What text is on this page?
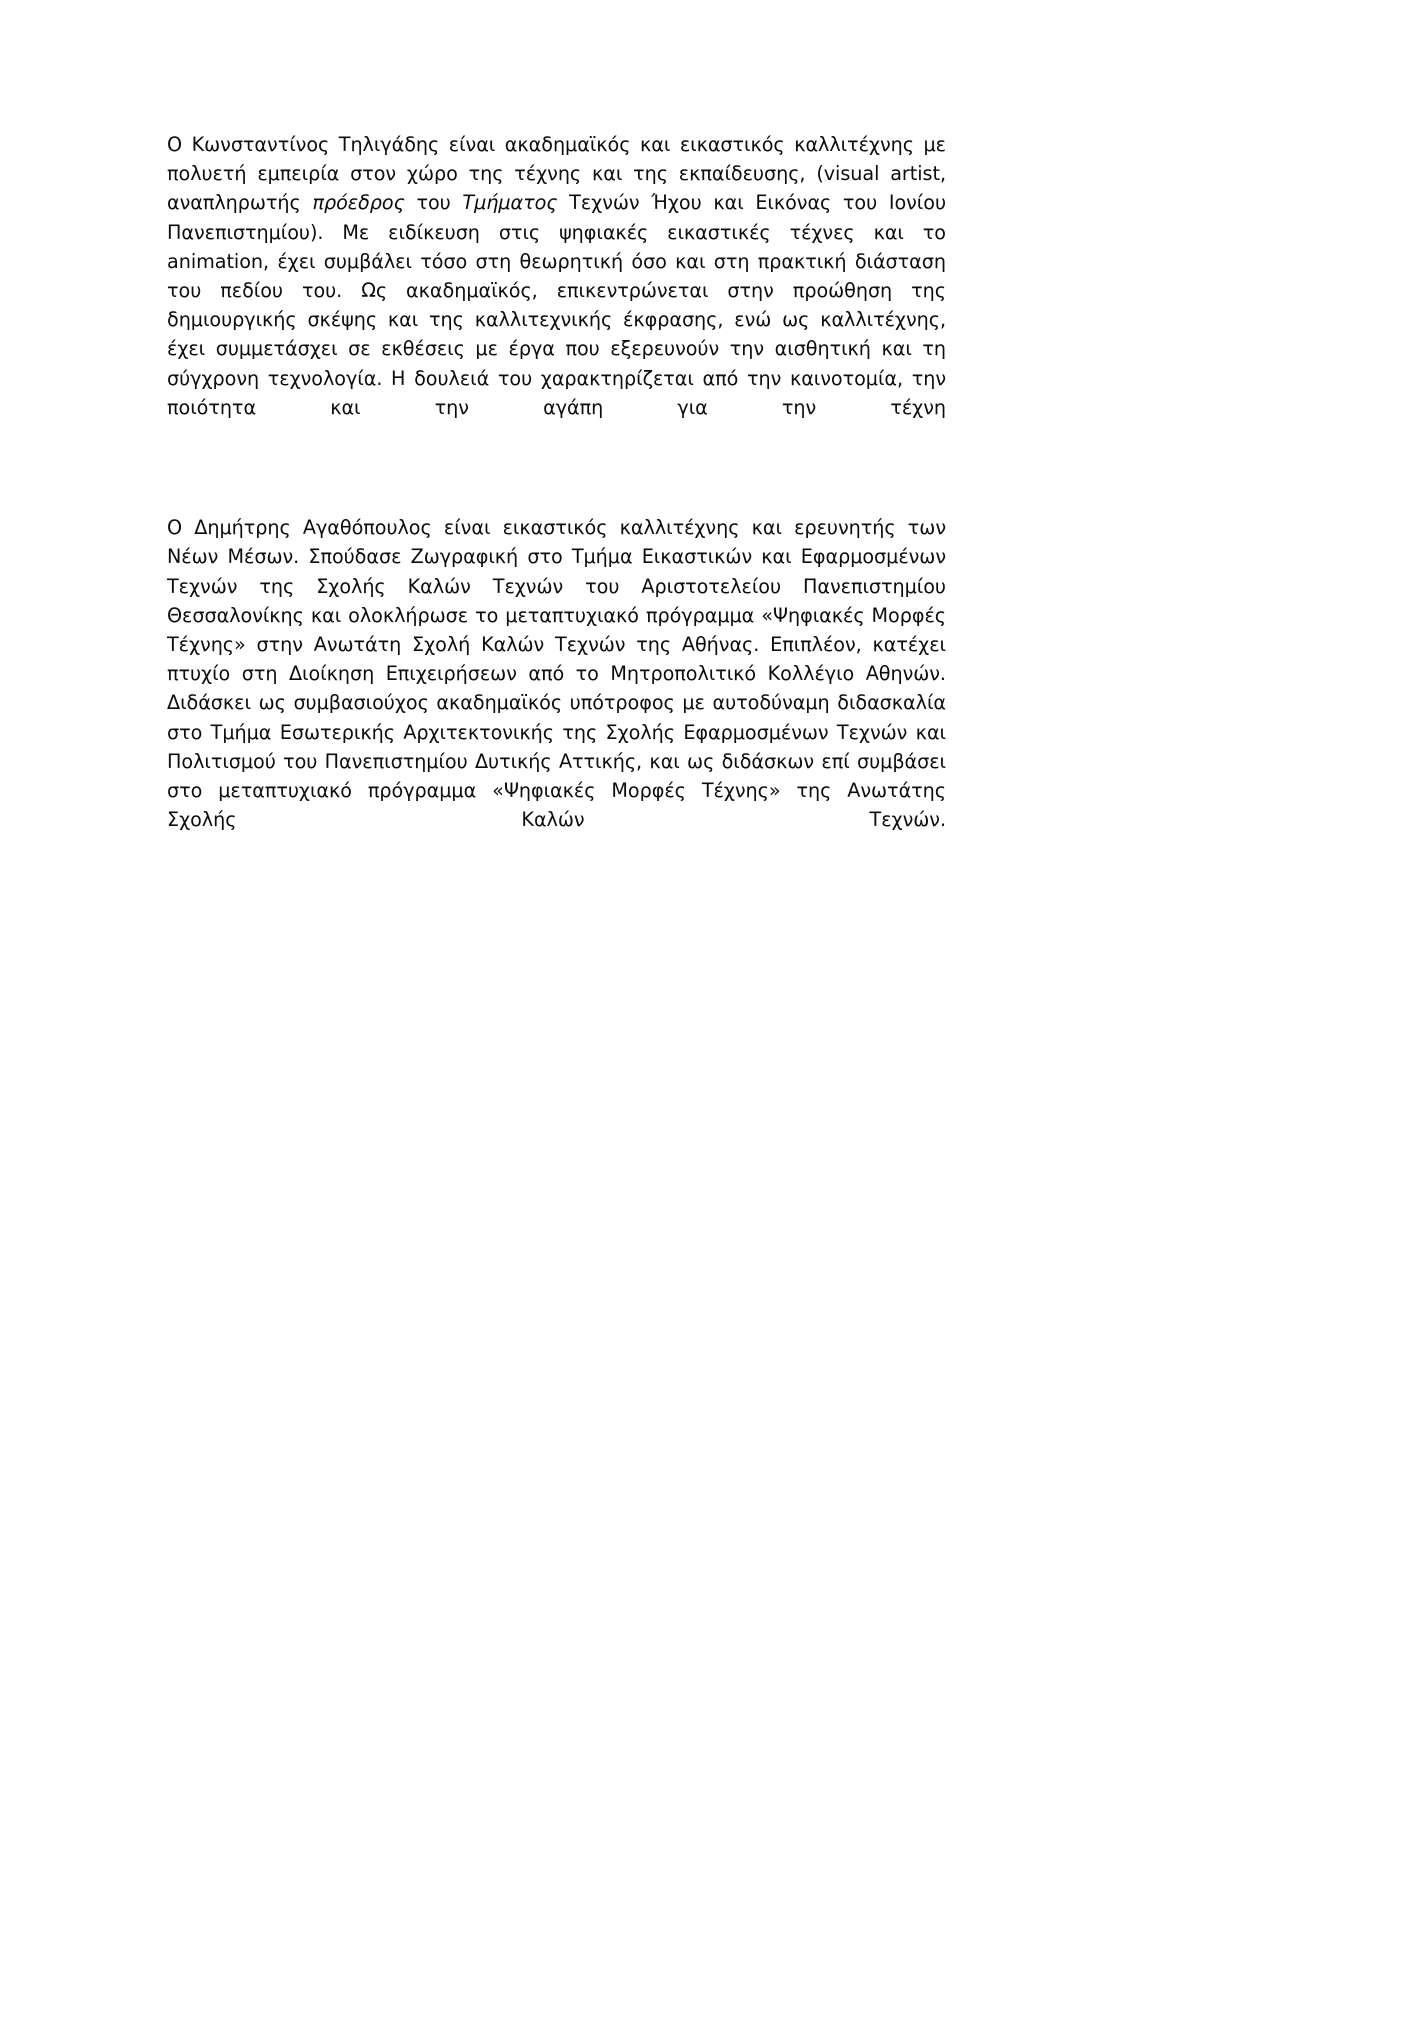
Ο Κωνσταντίνος Τηλιγάδης είναι ακαδημαϊκός και εικαστικός καλλιτέχνης με πολυετή εμπειρία στον χώρο της τέχνης και της εκπαίδευσης, (visual artist, αναπληρωτής πρόεδρος του Τμήματος Τεχνών Ήχου και Εικόνας του Ιονίου Πανεπιστημίου). Με ειδίκευση στις ψηφιακές εικαστικές τέχνες και το animation, έχει συμβάλει τόσο στη θεωρητική όσο και στη πρακτική διάσταση του πεδίου του. Ως ακαδημαϊκός, επικεντρώνεται στην προώθηση της δημιουργικής σκέψης και της καλλιτεχνικής έκφρασης, ενώ ως καλλιτέχνης, έχει συμμετάσχει σε εκθέσεις με έργα που εξερευνούν την αισθητική και τη σύγχρονη τεχνολογία. Η δουλειά του χαρακτηρίζεται από την καινοτομία, την ποιότητα και την αγάπη για την τέχνη

Ο Δημήτρης Αγαθόπουλος είναι εικαστικός καλλιτέχνης και ερευνητής των Νέων Μέσων. Σπούδασε Ζωγραφική στο Τμήμα Εικαστικών και Εφαρμοσμένων Τεχνών της Σχολής Καλών Τεχνών του Αριστοτελείου Πανεπιστημίου Θεσσαλονίκης και ολοκλήρωσε το μεταπτυχιακό πρόγραμμα «Ψηφιακές Μορφές Τέχνης» στην Ανωτάτη Σχολή Καλών Τεχνών της Αθήνας. Επιπλέον, κατέχει πτυχίο στη Διοίκηση Επιχειρήσεων από το Μητροπολιτικό Κολλέγιο Αθηνών. Διδάσκει ως συμβασιούχος ακαδημαϊκός υπότροφος με αυτοδύναμη διδασκαλία στο Τμήμα Εσωτερικής Αρχιτεκτονικής της Σχολής Εφαρμοσμένων Τεχνών και Πολιτισμού του Πανεπιστημίου Δυτικής Αττικής, και ως διδάσκων επί συμβάσει στο μεταπτυχιακό πρόγραμμα «Ψηφιακές Μορφές Τέχνης» της Ανωτάτης Σχολής Καλών Τεχνών.
